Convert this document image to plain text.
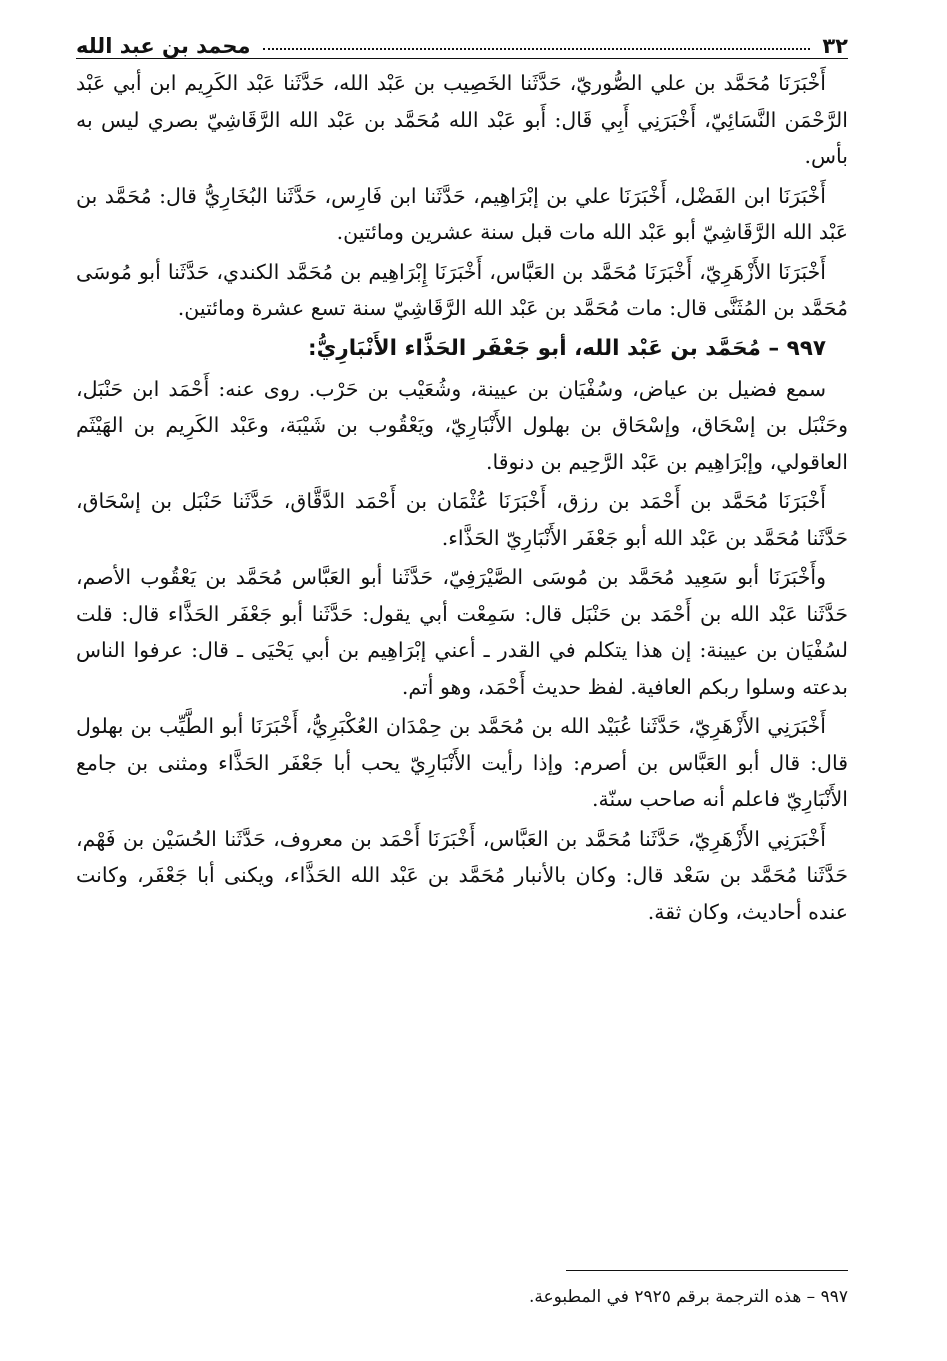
٣٢
محمد بن عبد الله

أَخْبَرَنَا مُحَمَّد بن علي الصُّوريّ، حَدَّثَنا الخَصِيب بن عَبْد الله، حَدَّثَنا عَبْد الكَرِيم ابن أبي عَبْد الرَّحْمَن النَّسَائِيّ، أَخْبَرَنِي أَبِي قَال: أَبو عَبْد الله مُحَمَّد بن عَبْد الله الرَّقَاشِيّ بصري ليس به بأس.

أَخْبَرَنَا ابن الفَضْل، أَخْبَرَنَا علي بن إبْرَاهِيم، حَدَّثَنا ابن فَارِس، حَدَّثَنا البُخَارِيُّ قال: مُحَمَّد بن عَبْد الله الرَّقَاشِيّ أبو عَبْد الله مات قبل سنة عشرين ومائتين.

أَخْبَرَنَا الأَزْهَرِيّ، أَخْبَرَنَا مُحَمَّد بن العَبَّاس، أَخْبَرَنَا إِبْرَاهِيم بن مُحَمَّد الكندي، حَدَّثَنا أبو مُوسَى مُحَمَّد بن المُثَنَّى قال: مات مُحَمَّد بن عَبْد الله الرَّقَاشِيّ سنة تسع عشرة ومائتين.

٩٩٧ – مُحَمَّد بن عَبْد الله، أبو جَعْفَر الحَذَّاء الأَنْبَارِيُّ:

سمع فضيل بن عياض، وسُفْيَان بن عيينة، وشُعَيْب بن حَرْب. روى عنه: أَحْمَد ابن حَنْبَل، وحَنْبَل بن إسْحَاق، وإسْحَاق بن بهلول الأَنْبَارِيّ، ويَعْقُوب بن شَيْبَة، وعَبْد الكَرِيم بن الهَيْثَم العاقولي، وإبْرَاهِيم بن عَبْد الرَّحِيم بن دنوقا.

أَخْبَرَنَا مُحَمَّد بن أَحْمَد بن رزق، أَخْبَرَنَا عُثْمَان بن أَحْمَد الدَّقَّاق، حَدَّثَنا حَنْبَل بن إسْحَاق، حَدَّثَنا مُحَمَّد بن عَبْد الله أبو جَعْفَر الأَنْبَارِيّ الحَذَّاء.

وأَخْبَرَنَا أبو سَعِيد مُحَمَّد بن مُوسَى الصَّيْرَفِيّ، حَدَّثَنا أبو العَبَّاس مُحَمَّد بن يَعْقُوب الأصم، حَدَّثَنا عَبْد الله بن أَحْمَد بن حَنْبَل قال: سَمِعْت أبي يقول: حَدَّثَنا أبو جَعْفَر الحَذَّاء قال: قلت لسُفْيَان بن عيينة: إن هذا يتكلم في القدر ـ أعني إبْرَاهِيم بن أبي يَحْيَى ـ قال: عرفوا الناس بدعته وسلوا ربكم العافية. لفظ حديث أَحْمَد، وهو أتم.

أَخْبَرَنِي الأَزْهَرِيّ، حَدَّثَنا عُبَيْد الله بن مُحَمَّد بن حِمْدَان العُكْبَرِيُّ، أَخْبَرَنَا أبو الطَّيِّب بن بهلول قال: قال أبو العَبَّاس بن أصرم: وإذا رأيت الأَنْبَارِيّ يحب أبا جَعْفَر الحَذَّاء ومثنى بن جامع الأَنْبَارِيّ فاعلم أنه صاحب سنّة.

أَخْبَرَنِي الأَزْهَرِيّ، حَدَّثَنا مُحَمَّد بن العَبَّاس، أَخْبَرَنَا أَحْمَد بن معروف، حَدَّثَنا الحُسَيْن بن فَهْم، حَدَّثَنا مُحَمَّد بن سَعْد قال: وكان بالأنبار مُحَمَّد بن عَبْد الله الحَذَّاء، ويكنى أبا جَعْفَر، وكانت عنده أحاديث، وكان ثقة.

٩٩٧ – هذه الترجمة برقم ٢٩٢٥ في المطبوعة.
